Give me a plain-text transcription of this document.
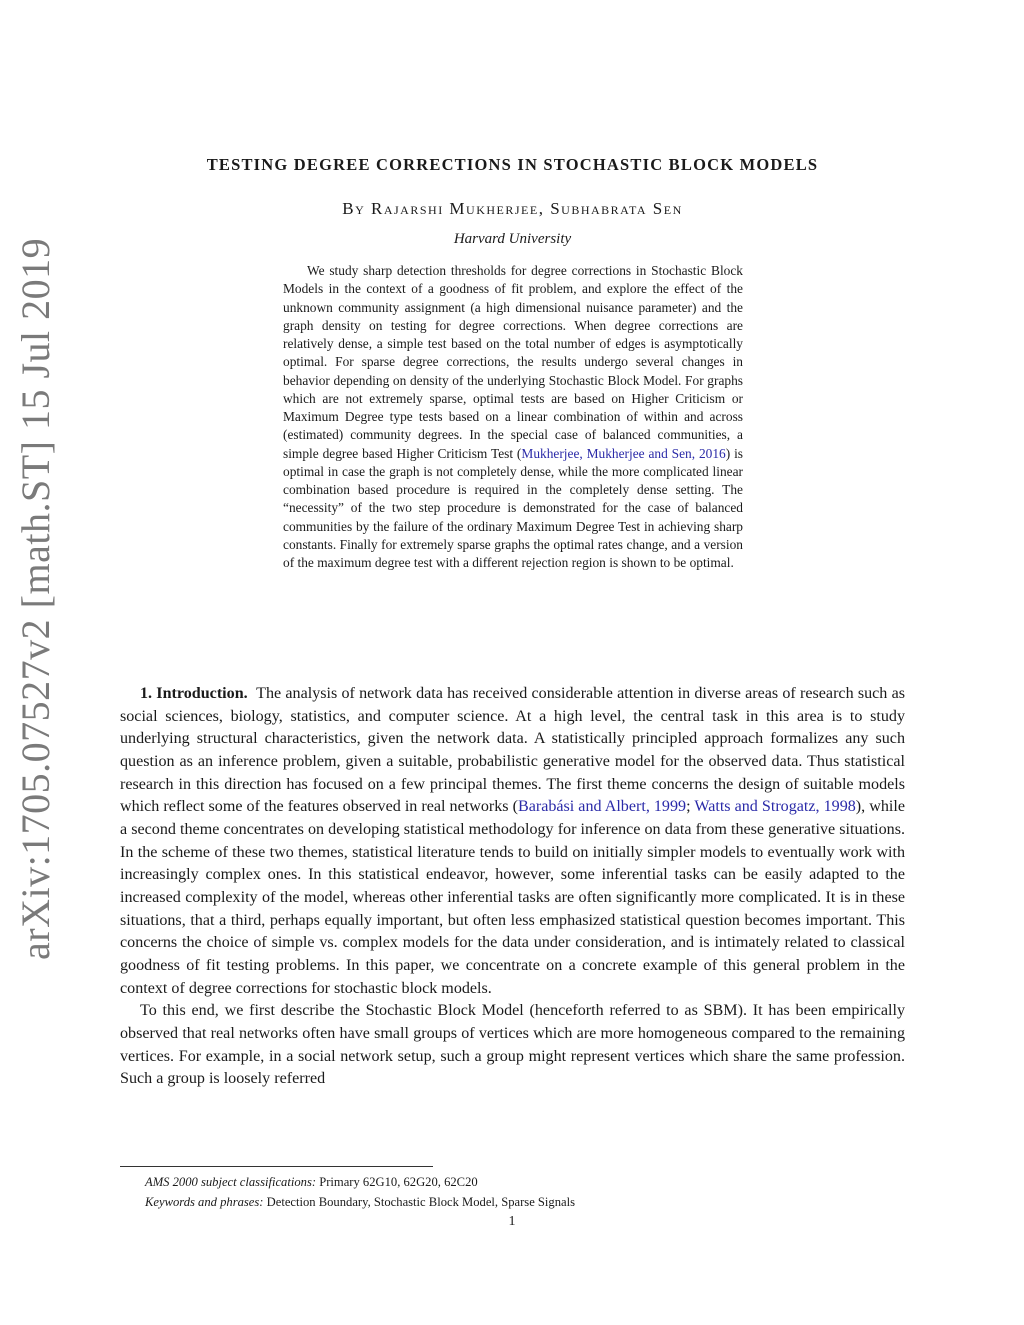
arXiv:1705.07527v2 [math.ST] 15 Jul 2019
TESTING DEGREE CORRECTIONS IN STOCHASTIC BLOCK MODELS
By Rajarshi Mukherjee, Subhabrata Sen
Harvard University
We study sharp detection thresholds for degree corrections in Stochastic Block Models in the context of a goodness of fit problem, and explore the effect of the unknown community assignment (a high dimensional nuisance parameter) and the graph density on testing for degree corrections. When degree corrections are relatively dense, a simple test based on the total number of edges is asymptotically optimal. For sparse degree corrections, the results undergo several changes in behavior depending on density of the underlying Stochastic Block Model. For graphs which are not extremely sparse, optimal tests are based on Higher Criticism or Maximum Degree type tests based on a linear combination of within and across (estimated) community degrees. In the special case of balanced communities, a simple degree based Higher Criticism Test (Mukherjee, Mukherjee and Sen, 2016) is optimal in case the graph is not completely dense, while the more complicated linear combination based procedure is required in the completely dense setting. The “necessity” of the two step procedure is demonstrated for the case of balanced communities by the failure of the ordinary Maximum Degree Test in achieving sharp constants. Finally for extremely sparse graphs the optimal rates change, and a version of the maximum degree test with a different rejection region is shown to be optimal.

1. Introduction. The analysis of network data has received considerable attention in diverse areas of research such as social sciences, biology, statistics, and computer science. At a high level, the central task in this area is to study underlying structural characteristics, given the network data. A statistically principled approach formalizes any such question as an inference problem, given a suitable, probabilistic generative model for the observed data. Thus statistical research in this direction has focused on a few principal themes. The first theme concerns the design of suitable models which reflect some of the features observed in real networks (Barabási and Albert, 1999; Watts and Strogatz, 1998), while a second theme concentrates on developing statistical methodology for inference on data from these generative situations. In the scheme of these two themes, statistical literature tends to build on initially simpler models to eventually work with increasingly complex ones. In this statistical endeavor, however, some inferential tasks can be easily adapted to the increased complexity of the model, whereas other inferential tasks are often significantly more complicated. It is in these situations, that a third, perhaps equally important, but often less emphasized statistical question becomes important. This concerns the choice of simple vs. complex models for the data under consideration, and is intimately related to classical goodness of fit testing problems. In this paper, we concentrate on a concrete example of this general problem in the context of degree corrections for stochastic block models.

To this end, we first describe the Stochastic Block Model (henceforth referred to as SBM). It has been empirically observed that real networks often have small groups of vertices which are more homogeneous compared to the remaining vertices. For example, in a social network setup, such a group might represent vertices which share the same profession. Such a group is loosely referred

AMS 2000 subject classifications: Primary 62G10, 62G20, 62C20
Keywords and phrases: Detection Boundary, Stochastic Block Model, Sparse Signals
1
